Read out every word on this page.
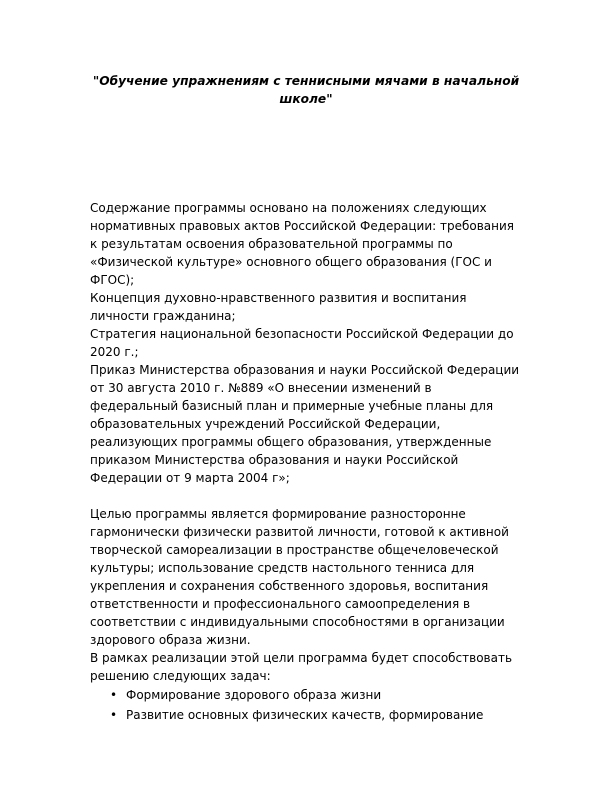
"Обучение упражнениям с теннисными мячами в начальной
школе"
Содержание программы основано на положениях следующих
нормативных правовых актов Российской Федерации: требования
к результатам освоения образовательной программы по
«Физической культуре» основного общего образования (ГОС и
ФГОС);
Концепция духовно-нравственного развития и воспитания
личности гражданина;
Стратегия национальной безопасности Российской Федерации до
2020 г.;
Приказ Министерства образования и науки Российской Федерации
от 30 августа 2010 г. №889 «О внесении изменений в
федеральный базисный план и примерные учебные планы для
образовательных учреждений Российской Федерации,
реализующих программы общего образования, утвержденные
приказом Министерства образования и науки Российской
Федерации от 9 марта 2004 г»;
Целью программы является формирование разносторонне
гармонически физически развитой личности, готовой к активной
творческой самореализации в пространстве общечеловеческой
культуры; использование средств настольного тенниса для
укрепления и сохранения собственного здоровья, воспитания
ответственности и профессионального самоопределения в
соответствии с индивидуальными способностями в организации
здорового образа жизни.
В рамках реализации этой цели программа будет способствовать
решению следующих задач:
• Формирование здорового образа жизни
• Развитие основных физических качеств, формирование
